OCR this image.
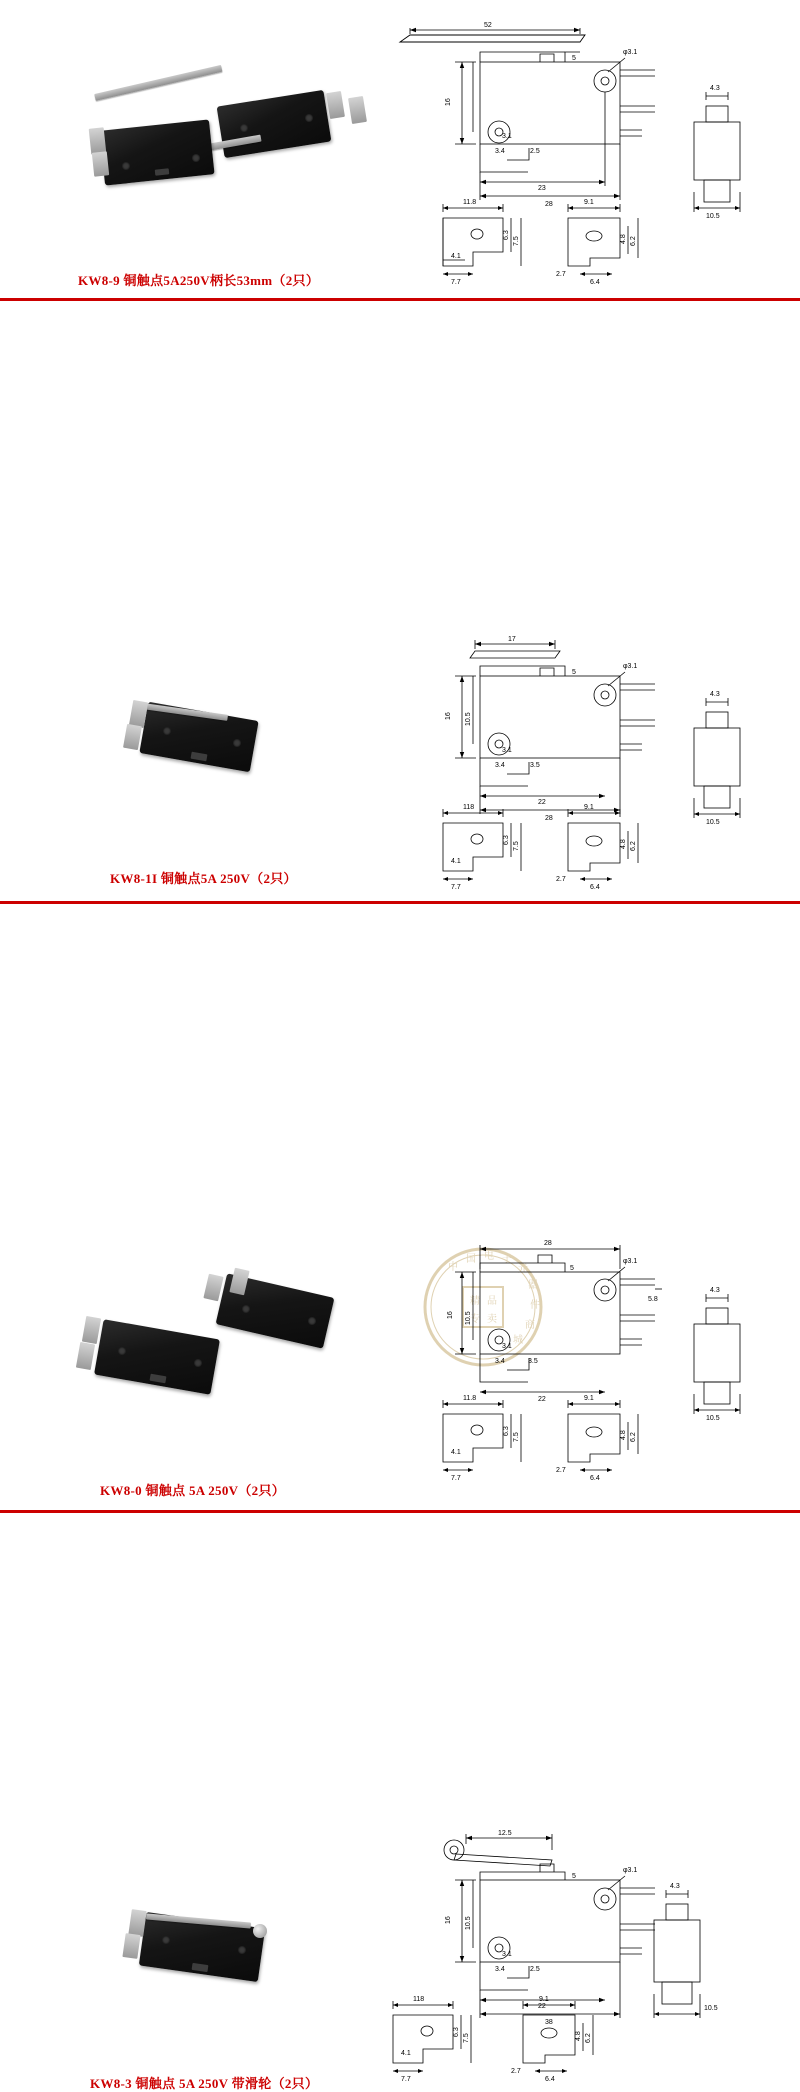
52
16
23
28
3.4	2.5
5
3.1
φ3.1
11.8
6.3
7.5
4.1
7.7
9.1
4.8 6.2
2.7
6.4
4.3
10.5
KW8-9 铜触点5A250V柄长53mm（2只）
17
16 10.5
22
28
3.4	3.5
5
3.1
φ3.1
118
6.3
7.5
4.1
7.7
9.1
4.8 6.2
2.7
6.4
4.3
10.5
KW8-1I 铜触点5A 250V（2只）
中
国 电 子
元
器
件
商
城
精 品
专 卖
28
16 10.5
22
3.4	3.5
5
3.1
φ3.1
5.8
11.8
6.3
7.5
4.1
7.7
9.1
4.8 6.2
2.7
6.4
4.3
10.5
KW8-0 铜触点 5A 250V（2只）
12.5
16 10.5
22
38
3.4	2.5
5
3.1
φ3.1
118
6.3
7.5
4.1
7.7
9.1
4.8 6.2
2.7
6.4
4.3
10.5
KW8-3 铜触点 5A 250V 带滑轮（2只）
